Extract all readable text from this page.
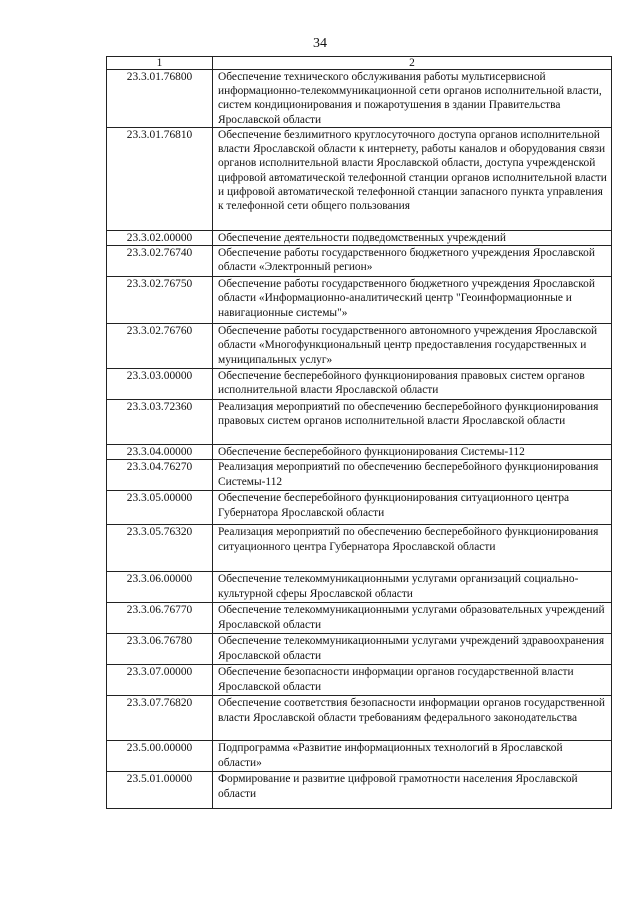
34
1	2
23.3.01.76800	Обеспечение технического обслуживания работы мультисервисной информационно-телекоммуникационной сети органов исполнительной власти, систем кондиционирования и пожаротушения в здании Правительства Ярославской области
23.3.01.76810	Обеспечение безлимитного круглосуточного доступа органов исполнительной власти Ярославской области к интернету, работы каналов и оборудования связи органов исполнительной власти Ярославской области, доступа учрежденской цифровой автоматической телефонной станции органов исполнительной власти и цифровой автоматической телефонной станции запасного пункта управления к телефонной сети общего пользования
23.3.02.00000	Обеспечение деятельности подведомственных учреждений
23.3.02.76740	Обеспечение работы государственного бюджетного учреждения Ярославской области «Электронный регион»
23.3.02.76750	Обеспечение работы государственного бюджетного учреждения Ярославской области «Информационно-аналитический центр "Геоинформационные и навигационные системы"»
23.3.02.76760	Обеспечение работы государственного автономного учреждения Ярославской области «Многофункциональный центр предоставления государственных и муниципальных услуг»
23.3.03.00000	Обеспечение бесперебойного функционирования правовых систем органов исполнительной власти Ярославской области
23.3.03.72360	Реализация мероприятий по обеспечению бесперебойного функционирования правовых систем органов исполнительной власти Ярославской области
23.3.04.00000	Обеспечение бесперебойного функционирования Системы-112
23.3.04.76270	Реализация мероприятий по обеспечению бесперебойного функционирования Системы-112
23.3.05.00000	Обеспечение бесперебойного функционирования ситуационного центра Губернатора Ярославской области
23.3.05.76320	Реализация мероприятий по обеспечению бесперебойного функционирования ситуационного центра Губернатора Ярославской области
23.3.06.00000	Обеспечение телекоммуникационными услугами организаций социально-культурной сферы Ярославской области
23.3.06.76770	Обеспечение телекоммуникационными услугами образовательных учреждений Ярославской области
23.3.06.76780	Обеспечение телекоммуникационными услугами учреждений здравоохранения Ярославской области
23.3.07.00000	Обеспечение безопасности информации органов государственной власти Ярославской области
23.3.07.76820	Обеспечение соответствия безопасности информации органов государственной власти Ярославской области требованиям федерального законодательства
23.5.00.00000	Подпрограмма «Развитие информационных технологий в Ярославской области»
23.5.01.00000	Формирование и развитие цифровой грамотности населения Ярославской области
